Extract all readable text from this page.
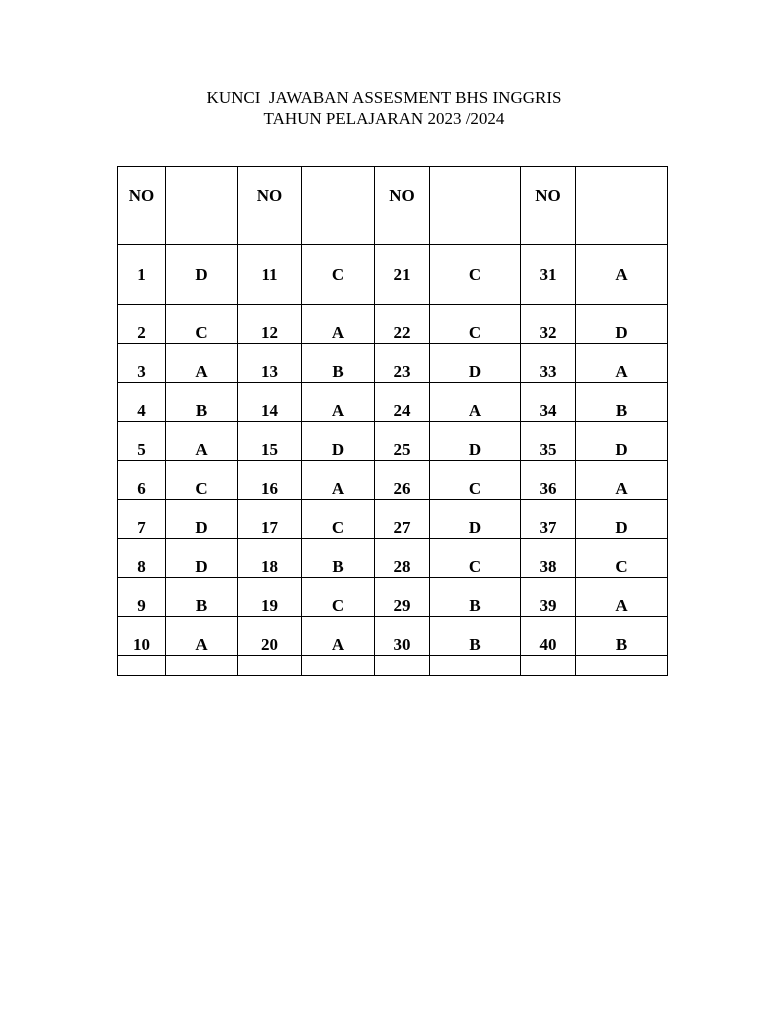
KUNCI  JAWABAN ASSESMENT BHS INGGRIS
TAHUN PELAJARAN 2023 /2024
NO		NO		NO		NO	
1	D	11	C	21	C	31	A
2	C	12	A	22	C	32	D
3	A	13	B	23	D	33	A
4	B	14	A	24	A	34	B
5	A	15	D	25	D	35	D
6	C	16	A	26	C	36	A
7	D	17	C	27	D	37	D
8	D	18	B	28	C	38	C
9	B	19	C	29	B	39	A
10	A	20	A	30	B	40	B
